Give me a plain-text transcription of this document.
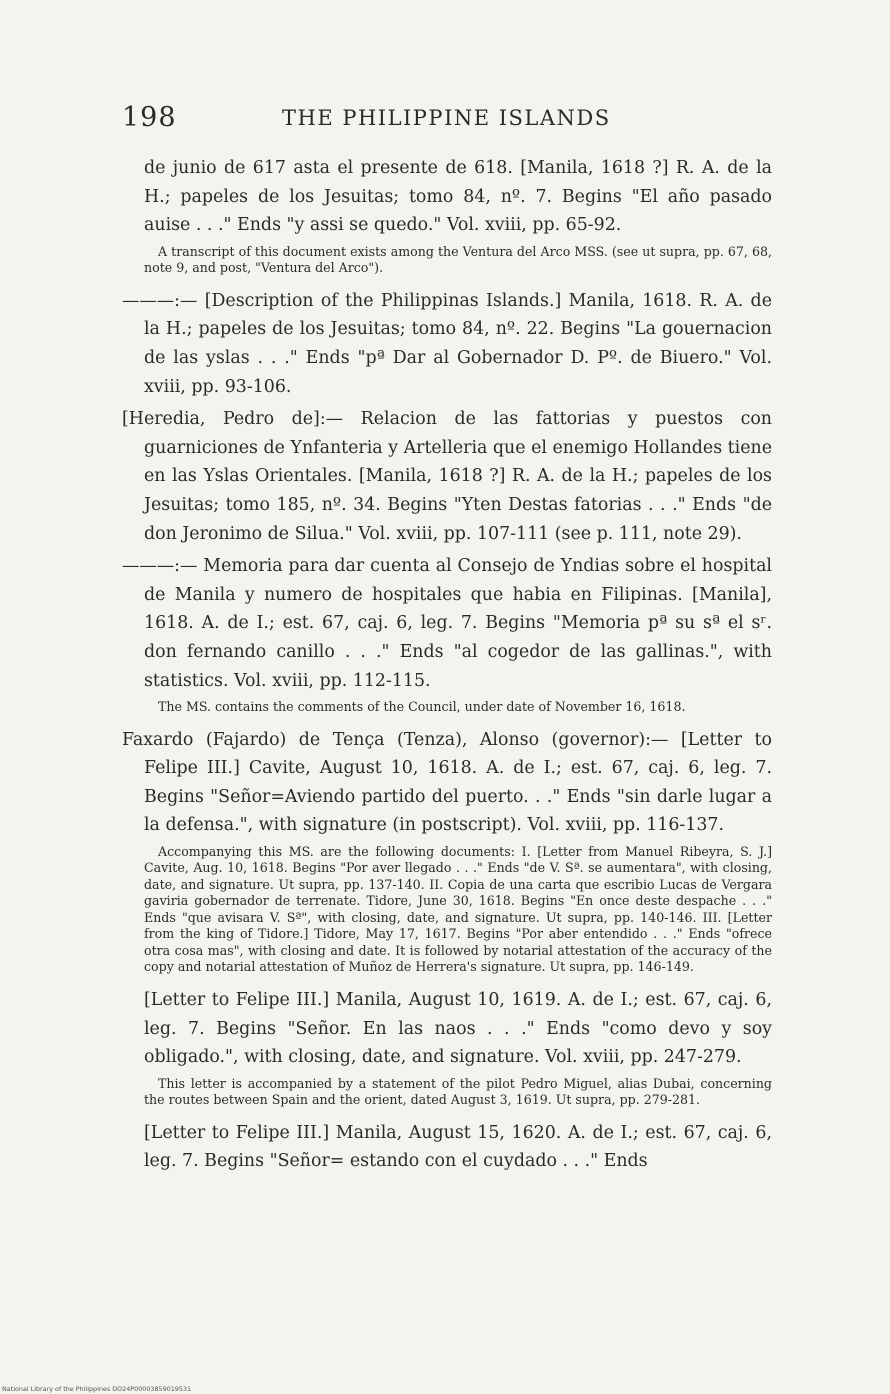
198	THE PHILIPPINE ISLANDS

de junio de 617 asta el presente de 618. [Manila, 1618 ?] R. A. de la H.; papeles de los Jesuitas; tomo 84, nº. 7. Begins "El año pasado auise . . ." Ends "y assi se quedo." Vol. xviii, pp. 65-92.

A transcript of this document exists among the Ventura del Arco MSS. (see ut supra, pp. 67, 68, note 9, and post, "Ventura del Arco").

———:— [Description of the Philippinas Islands.] Manila, 1618. R. A. de la H.; papeles de los Jesuitas; tomo 84, nº. 22. Begins "La gouernacion de las yslas . . ." Ends "pª Dar al Gobernador D. Pº. de Biuero." Vol. xviii, pp. 93-106.

[Heredia, Pedro de]:— Relacion de las fattorias y puestos con guarniciones de Ynfanteria y Artelleria que el enemigo Hollandes tiene en las Yslas Orientales. [Manila, 1618 ?] R. A. de la H.; papeles de los Jesuitas; tomo 185, nº. 34. Begins "Yten Destas fatorias . . ." Ends "de don Jeronimo de Silua." Vol. xviii, pp. 107-111 (see p. 111, note 29).

———:— Memoria para dar cuenta al Consejo de Yndias sobre el hospital de Manila y numero de hospitales que habia en Filipinas. [Manila], 1618. A. de I.; est. 67, caj. 6, leg. 7. Begins "Memoria pª su sª el sʳ. don fernando canillo . . ." Ends "al cogedor de las gallinas.", with statistics. Vol. xviii, pp. 112-115.

The MS. contains the comments of the Council, under date of November 16, 1618.

Faxardo (Fajardo) de Tença (Tenza), Alonso (governor):— [Letter to Felipe III.] Cavite, August 10, 1618. A. de I.; est. 67, caj. 6, leg. 7. Begins "Señor=Aviendo partido del puerto. . ." Ends "sin darle lugar a la defensa.", with signature (in postscript). Vol. xviii, pp. 116-137.

Accompanying this MS. are the following documents: I. [Letter from Manuel Ribeyra, S. J.] Cavite, Aug. 10, 1618. Begins "Por aver llegado . . ." Ends "de V. Sª. se aumentara", with closing, date, and signature. Ut supra, pp. 137-140. II. Copia de una carta que escribio Lucas de Vergara gaviria gobernador de terrenate. Tidore, June 30, 1618. Begins "En once deste despache . . ." Ends "que avisara V. Sª", with closing, date, and signature. Ut supra, pp. 140-146. III. [Letter from the king of Tidore.] Tidore, May 17, 1617. Begins "Por aber entendido . . ." Ends "ofrece otra cosa mas", with closing and date. It is followed by notarial attestation of the accuracy of the copy and notarial attestation of Muñoz de Herrera's signature. Ut supra, pp. 146-149.

[Letter to Felipe III.] Manila, August 10, 1619. A. de I.; est. 67, caj. 6, leg. 7. Begins "Señor. En las naos . . ." Ends "como devo y soy obligado.", with closing, date, and signature. Vol. xviii, pp. 247-279.

This letter is accompanied by a statement of the pilot Pedro Miguel, alias Dubai, concerning the routes between Spain and the orient, dated August 3, 1619. Ut supra, pp. 279-281.

[Letter to Felipe III.] Manila, August 15, 1620. A. de I.; est. 67, caj. 6, leg. 7. Begins "Señor= estando con el cuydado . . ." Ends

National Library of the Philippines DO24P00003859019531
